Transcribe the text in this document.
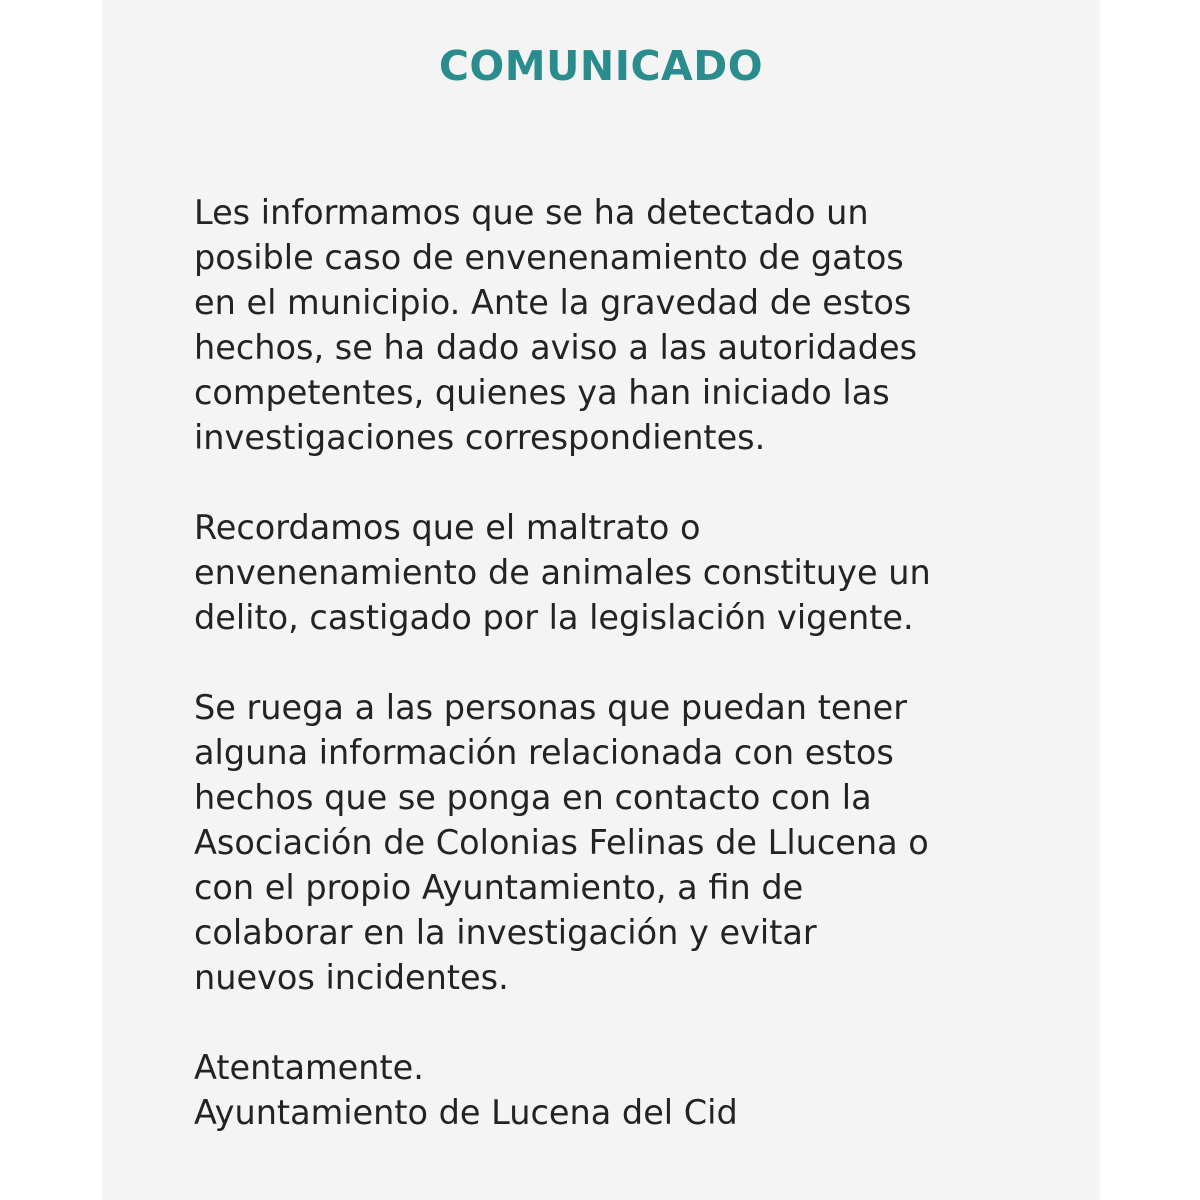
COMUNICADO

Les informamos que se ha detectado un
posible caso de envenenamiento de gatos
en el municipio. Ante la gravedad de estos
hechos, se ha dado aviso a las autoridades
competentes, quienes ya han iniciado las
investigaciones correspondientes.

Recordamos que el maltrato o
envenenamiento de animales constituye un
delito, castigado por la legislación vigente.

Se ruega a las personas que puedan tener
alguna información relacionada con estos
hechos que se ponga en contacto con la
Asociación de Colonias Felinas de Llucena o
con el propio Ayuntamiento, a fin de
colaborar en la investigación y evitar
nuevos incidentes.

Atentamente.
Ayuntamiento de Lucena del Cid
